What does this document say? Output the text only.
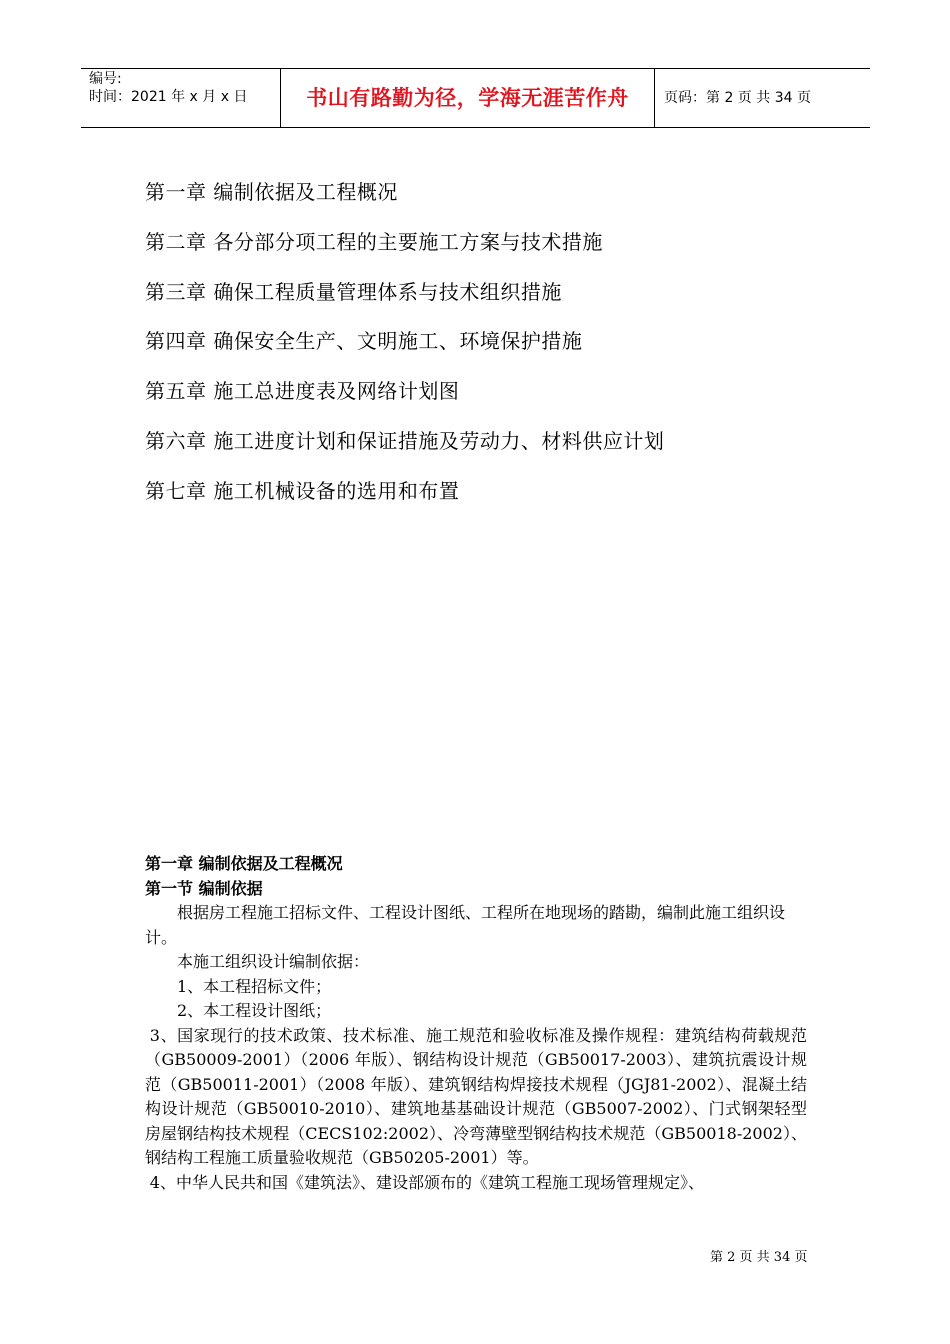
编号:
时间：2021 年 x 月 x 日	书山有路勤为径，学海无涯苦作舟	页码：第 2 页 共 34 页
第一章 编制依据及工程概况
第二章 各分部分项工程的主要施工方案与技术措施
第三章 确保工程质量管理体系与技术组织措施
第四章 确保安全生产、文明施工、环境保护措施
第五章 施工总进度表及网络计划图
第六章 施工进度计划和保证措施及劳动力、材料供应计划
第七章 施工机械设备的选用和布置

第一章 编制依据及工程概况

第一节 编制依据

根据房工程施工招标文件、工程设计图纸、工程所在地现场的踏勘，编制此施工组织设计。

本施工组织设计编制依据：

1、本工程招标文件；

2、本工程设计图纸；

3、国家现行的技术政策、技术标准、施工规范和验收标准及操作规程：建筑结构荷载规范（GB50009-2001）（2006 年版）、钢结构设计规范（GB50017-2003）、建筑抗震设计规范（GB50011-2001）（2008 年版）、建筑钢结构焊接技术规程（JGJ81-2002）、混凝土结构设计规范（GB50010-2010）、建筑地基基础设计规范（GB5007-2002）、门式钢架轻型房屋钢结构技术规程（CECS102:2002）、冷弯薄壁型钢结构技术规范（GB50018-2002）、钢结构工程施工质量验收规范（GB50205-2001）等。

4、中华人民共和国《建筑法》、建设部颁布的《建筑工程施工现场管理规定》、

第 2 页 共 34 页
